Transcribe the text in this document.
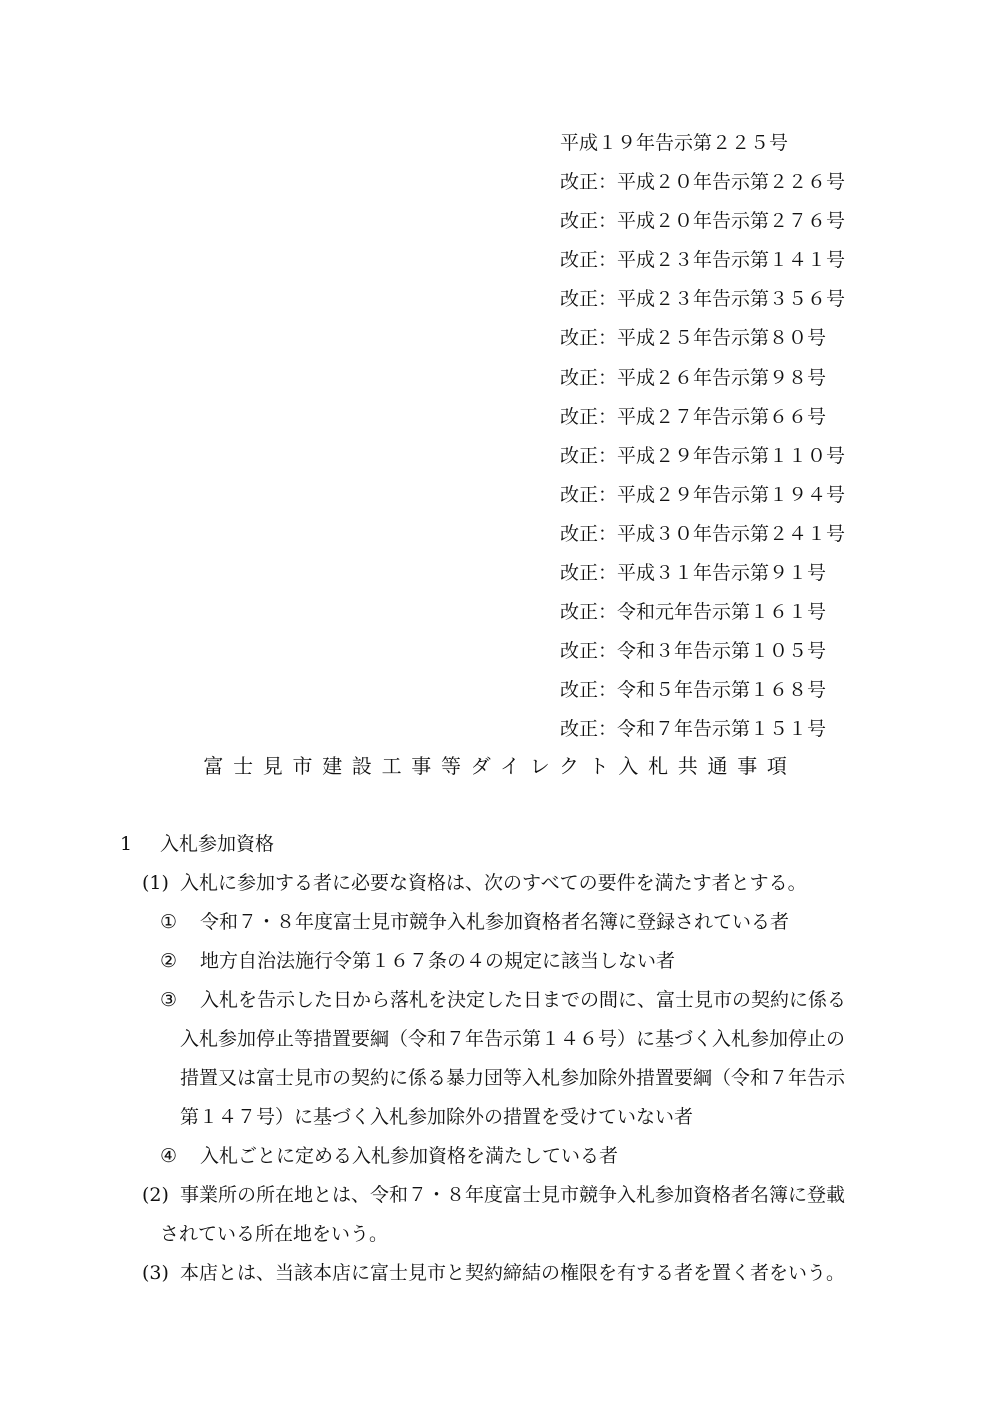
平成１９年告示第２２５号
改正：平成２０年告示第２２６号
改正：平成２０年告示第２７６号
改正：平成２３年告示第１４１号
改正：平成２３年告示第３５６号
改正：平成２５年告示第８０号
改正：平成２６年告示第９８号
改正：平成２７年告示第６６号
改正：平成２９年告示第１１０号
改正：平成２９年告示第１９４号
改正：平成３０年告示第２４１号
改正：平成３１年告示第９１号
改正：令和元年告示第１６１号
改正：令和３年告示第１０５号
改正：令和５年告示第１６８号
改正：令和７年告示第１５１号
富士見市建設工事等ダイレクト入札共通事項
1 入札参加資格
(1) 入札に参加する者に必要な資格は、次のすべての要件を満たす者とする。
① 令和７・８年度富士見市競争入札参加資格者名簿に登録されている者
② 地方自治法施行令第１６７条の４の規定に該当しない者
③ 入札を告示した日から落札を決定した日までの間に、富士見市の契約に係る
入札参加停止等措置要綱（令和７年告示第１４６号）に基づく入札参加停止の
措置又は富士見市の契約に係る暴力団等入札参加除外措置要綱（令和７年告示
第１４７号）に基づく入札参加除外の措置を受けていない者
④ 入札ごとに定める入札参加資格を満たしている者
(2) 事業所の所在地とは、令和７・８年度富士見市競争入札参加資格者名簿に登載
されている所在地をいう。
(3) 本店とは、当該本店に富士見市と契約締結の権限を有する者を置く者をいう。
